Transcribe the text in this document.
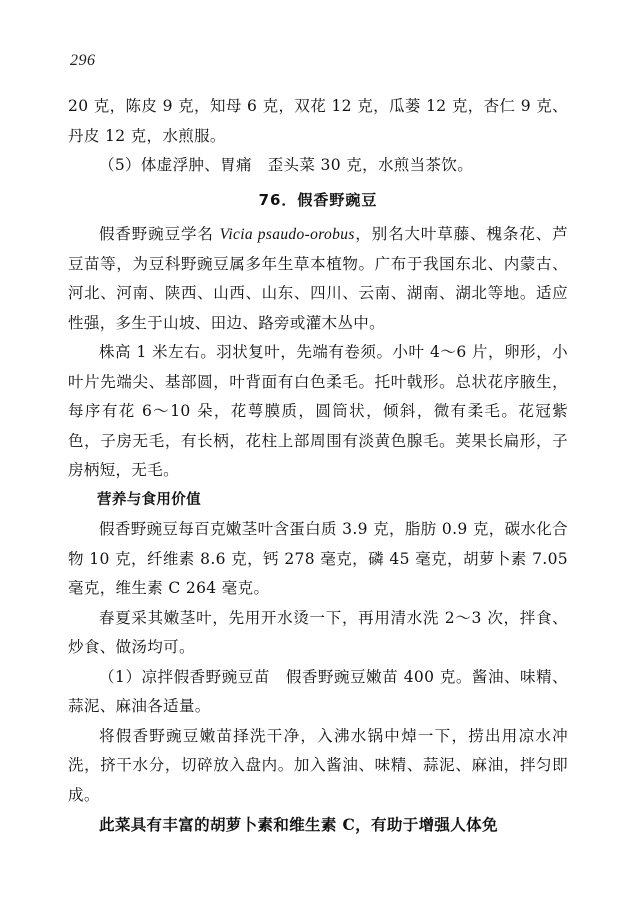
296

20 克，陈皮 9 克，知母 6 克，双花 12 克，瓜蒌 12 克，杏仁 9 克、丹皮 12 克，水煎服。

（5）体虚浮肿、胃痛　歪头菜 30 克，水煎当茶饮。

76．假香野豌豆

假香野豌豆学名 Vicia psaudo-orobus，别名大叶草藤、槐条花、芦豆苗等，为豆科野豌豆属多年生草本植物。广布于我国东北、内蒙古、河北、河南、陕西、山西、山东、四川、云南、湖南、湖北等地。适应性强，多生于山坡、田边、路旁或灌木丛中。

株高 1 米左右。羽状复叶，先端有卷须。小叶 4～6 片，卵形，小叶片先端尖、基部圆，叶背面有白色柔毛。托叶戟形。总状花序腋生，每序有花 6～10 朵，花萼膜质，圆筒状，倾斜，微有柔毛。花冠紫色，子房无毛，有长柄，花柱上部周围有淡黄色腺毛。荚果长扁形，子房柄短，无毛。

营养与食用价值

假香野豌豆每百克嫩茎叶含蛋白质 3.9 克，脂肪 0.9 克，碳水化合物 10 克，纤维素 8.6 克，钙 278 毫克，磷 45 毫克，胡萝卜素 7.05 毫克，维生素 C 264 毫克。

春夏采其嫩茎叶，先用开水烫一下，再用清水洗 2～3 次，拌食、炒食、做汤均可。

（1）凉拌假香野豌豆苗　假香野豌豆嫩苗 400 克。酱油、味精、蒜泥、麻油各适量。

将假香野豌豆嫩苗择洗干净，入沸水锅中焯一下，捞出用凉水冲洗，挤干水分，切碎放入盘内。加入酱油、味精、蒜泥、麻油，拌匀即成。

此菜具有丰富的胡萝卜素和维生素 C，有助于增强人体免
